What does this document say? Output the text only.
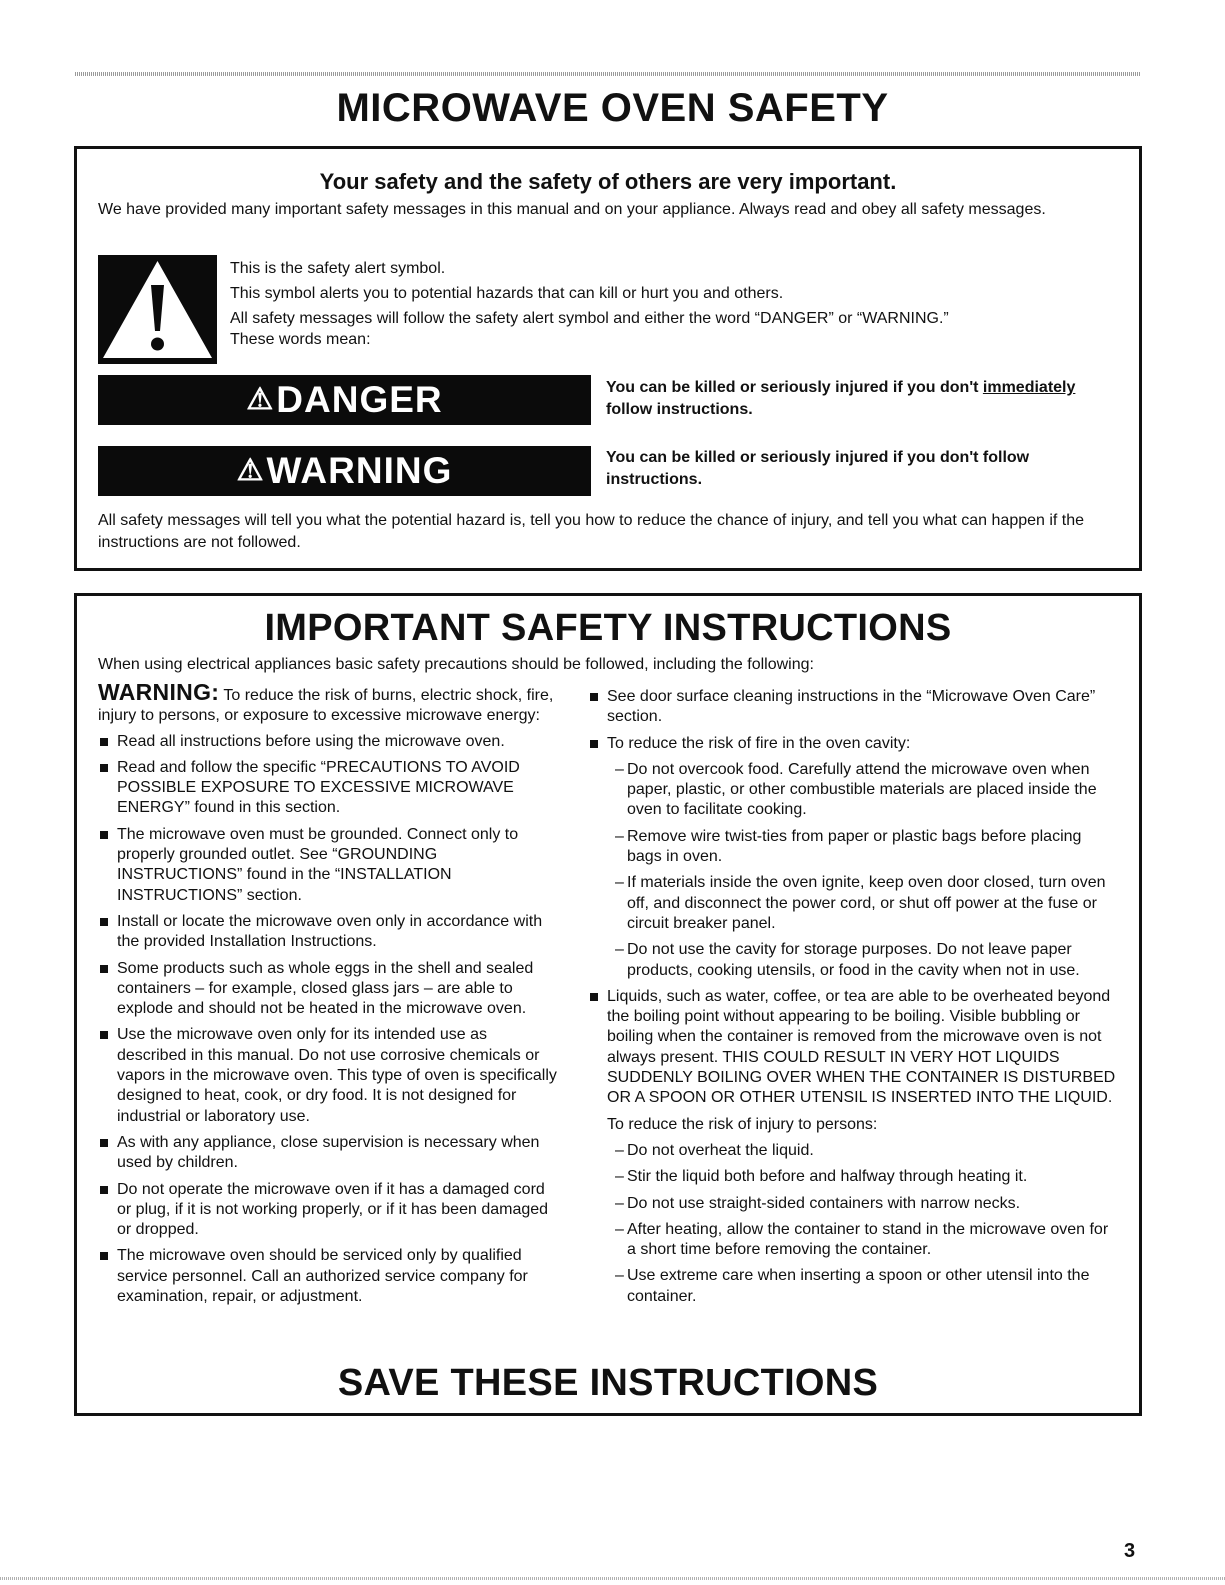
MICROWAVE OVEN SAFETY
Your safety and the safety of others are very important.

We have provided many important safety messages in this manual and on your appliance. Always read and obey all safety messages.

This is the safety alert symbol.
This symbol alerts you to potential hazards that can kill or hurt you and others.
All safety messages will follow the safety alert symbol and either the word “DANGER” or “WARNING.”
These words mean:
⚠DANGER	You can be killed or seriously injured if you don't immediately follow instructions.
⚠WARNING	You can be killed or seriously injured if you don't follow instructions.

All safety messages will tell you what the potential hazard is, tell you how to reduce the chance of injury, and tell you what can happen if the instructions are not followed.

IMPORTANT SAFETY INSTRUCTIONS

When using electrical appliances basic safety precautions should be followed, including the following:

WARNING: To reduce the risk of burns, electric shock, fire, injury to persons, or exposure to excessive microwave energy:

Read all instructions before using the microwave oven.
Read and follow the specific “PRECAUTIONS TO AVOID POSSIBLE EXPOSURE TO EXCESSIVE MICROWAVE ENERGY” found in this section.
The microwave oven must be grounded. Connect only to properly grounded outlet. See “GROUNDING INSTRUCTIONS” found in the “INSTALLATION INSTRUCTIONS” section.
Install or locate the microwave oven only in accordance with the provided Installation Instructions.
Some products such as whole eggs in the shell and sealed containers – for example, closed glass jars – are able to explode and should not be heated in the microwave oven.
Use the microwave oven only for its intended use as described in this manual. Do not use corrosive chemicals or vapors in the microwave oven. This type of oven is specifically designed to heat, cook, or dry food. It is not designed for industrial or laboratory use.
As with any appliance, close supervision is necessary when used by children.
Do not operate the microwave oven if it has a damaged cord or plug, if it is not working properly, or if it has been damaged or dropped.
The microwave oven should be serviced only by qualified service personnel. Call an authorized service company for examination, repair, or adjustment.
See door surface cleaning instructions in the “Microwave Oven Care” section.
To reduce the risk of fire in the oven cavity:
– Do not overcook food. Carefully attend the microwave oven when paper, plastic, or other combustible materials are placed inside the oven to facilitate cooking.
– Remove wire twist-ties from paper or plastic bags before placing bags in oven.
– If materials inside the oven ignite, keep oven door closed, turn oven off, and disconnect the power cord, or shut off power at the fuse or circuit breaker panel.
– Do not use the cavity for storage purposes. Do not leave paper products, cooking utensils, or food in the cavity when not in use.
Liquids, such as water, coffee, or tea are able to be overheated beyond the boiling point without appearing to be boiling. Visible bubbling or boiling when the container is removed from the microwave oven is not always present. THIS COULD RESULT IN VERY HOT LIQUIDS SUDDENLY BOILING OVER WHEN THE CONTAINER IS DISTURBED OR A SPOON OR OTHER UTENSIL IS INSERTED INTO THE LIQUID.
To reduce the risk of injury to persons:
– Do not overheat the liquid.
– Stir the liquid both before and halfway through heating it.
– Do not use straight-sided containers with narrow necks.
– After heating, allow the container to stand in the microwave oven for a short time before removing the container.
– Use extreme care when inserting a spoon or other utensil into the container.
SAVE THESE INSTRUCTIONS
3
